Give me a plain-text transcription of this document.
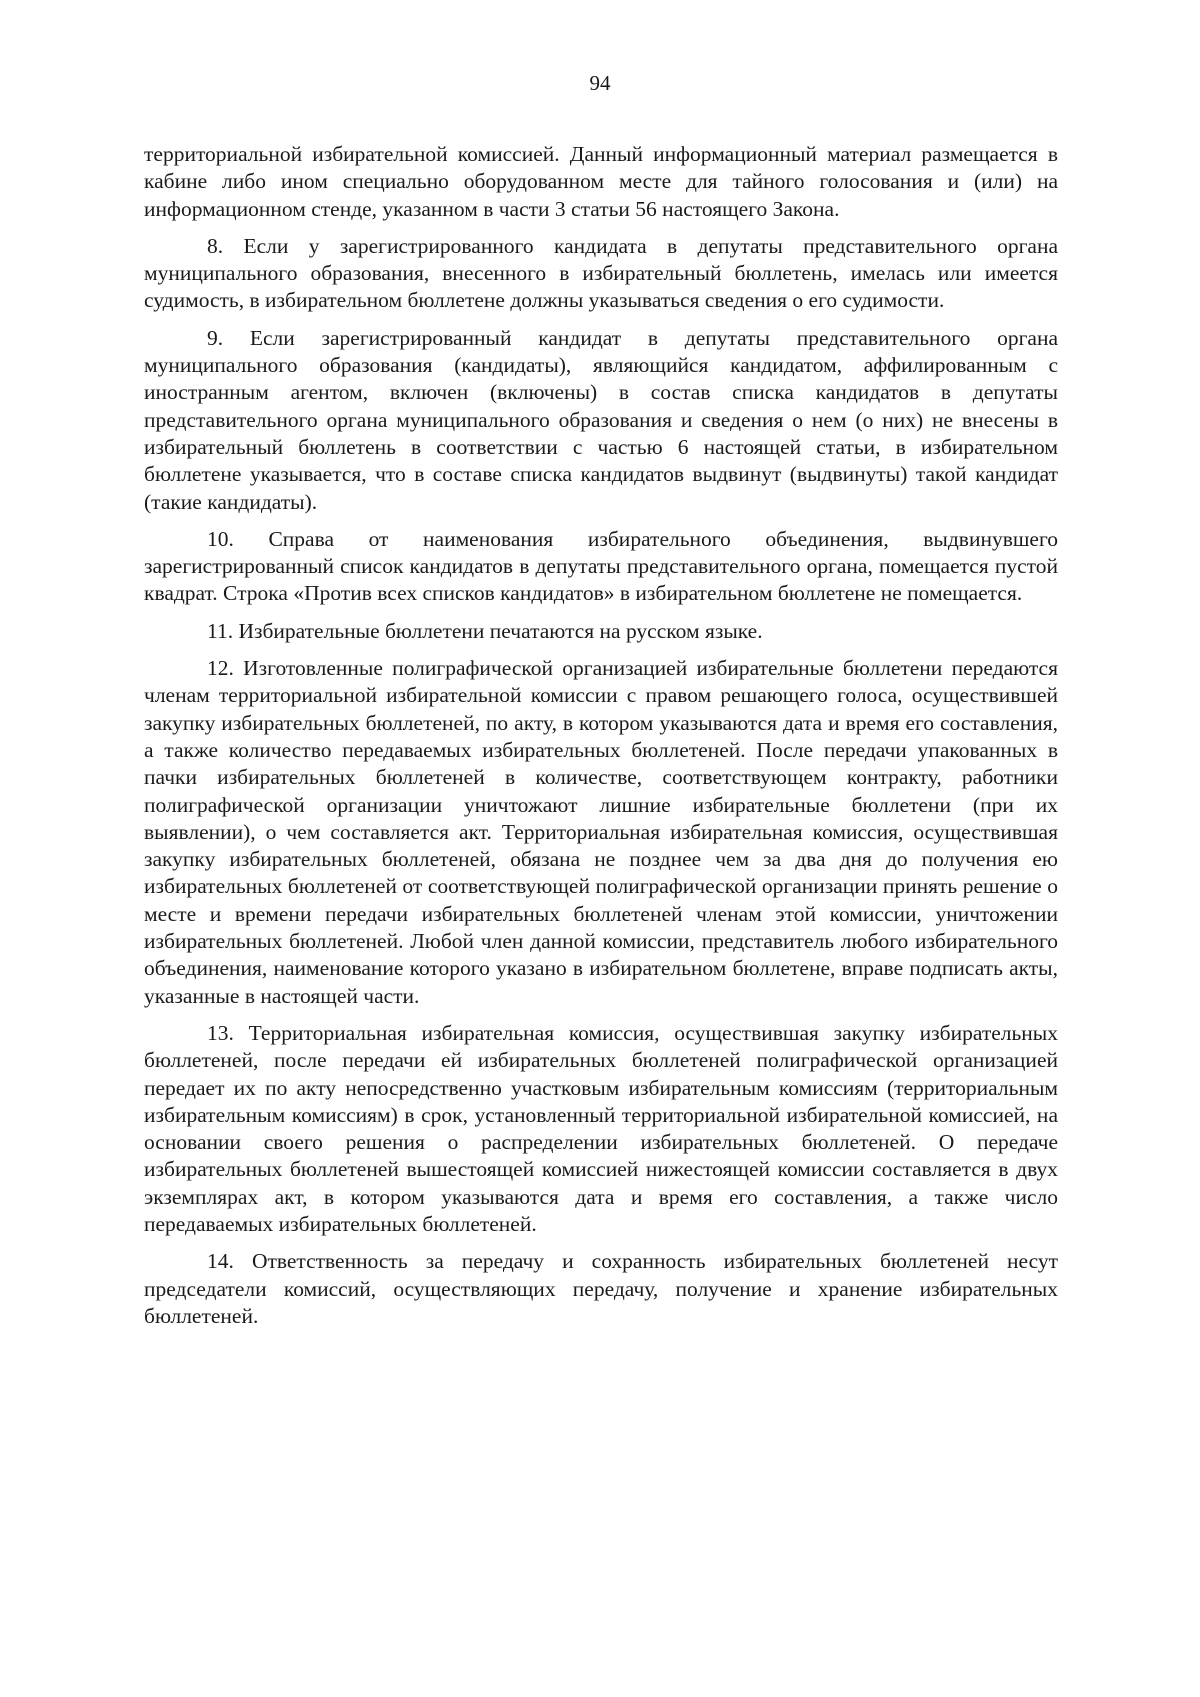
94

территориальной избирательной комиссией. Данный информационный материал размещается в кабине либо ином специально оборудованном месте для тайного голосования и (или) на информационном стенде, указанном в части 3 статьи 56 настоящего Закона.

8. Если у зарегистрированного кандидата в депутаты представительного органа муниципального образования, внесенного в избирательный бюллетень, имелась или имеется судимость, в избирательном бюллетене должны указываться сведения о его судимости.

9. Если зарегистрированный кандидат в депутаты представительного органа муниципального образования (кандидаты), являющийся кандидатом, аффилированным с иностранным агентом, включен (включены) в состав списка кандидатов в депутаты представительного органа муниципального образования и сведения о нем (о них) не внесены в избирательный бюллетень в соответствии с частью 6 настоящей статьи, в избирательном бюллетене указывается, что в составе списка кандидатов выдвинут (выдвинуты) такой кандидат (такие кандидаты).

10. Справа от наименования избирательного объединения, выдвинувшего зарегистрированный список кандидатов в депутаты представительного органа, помещается пустой квадрат. Строка «Против всех списков кандидатов» в избирательном бюллетене не помещается.

11. Избирательные бюллетени печатаются на русском языке.

12. Изготовленные полиграфической организацией избирательные бюллетени передаются членам территориальной избирательной комиссии с правом решающего голоса, осуществившей закупку избирательных бюллетеней, по акту, в котором указываются дата и время его составления, а также количество передаваемых избирательных бюллетеней. После передачи упакованных в пачки избирательных бюллетеней в количестве, соответствующем контракту, работники полиграфической организации уничтожают лишние избирательные бюллетени (при их выявлении), о чем составляется акт. Территориальная избирательная комиссия, осуществившая закупку избирательных бюллетеней, обязана не позднее чем за два дня до получения ею избирательных бюллетеней от соответствующей полиграфической организации принять решение о месте и времени передачи избирательных бюллетеней членам этой комиссии, уничтожении избирательных бюллетеней. Любой член данной комиссии, представитель любого избирательного объединения, наименование которого указано в избирательном бюллетене, вправе подписать акты, указанные в настоящей части.

13. Территориальная избирательная комиссия, осуществившая закупку избирательных бюллетеней, после передачи ей избирательных бюллетеней полиграфической организацией передает их по акту непосредственно участковым избирательным комиссиям (территориальным избирательным комиссиям) в срок, установленный территориальной избирательной комиссией, на основании своего решения о распределении избирательных бюллетеней. О передаче избирательных бюллетеней вышестоящей комиссией нижестоящей комиссии составляется в двух экземплярах акт, в котором указываются дата и время его составления, а также число передаваемых избирательных бюллетеней.

14. Ответственность за передачу и сохранность избирательных бюллетеней несут председатели комиссий, осуществляющих передачу, получение и хранение избирательных бюллетеней.
